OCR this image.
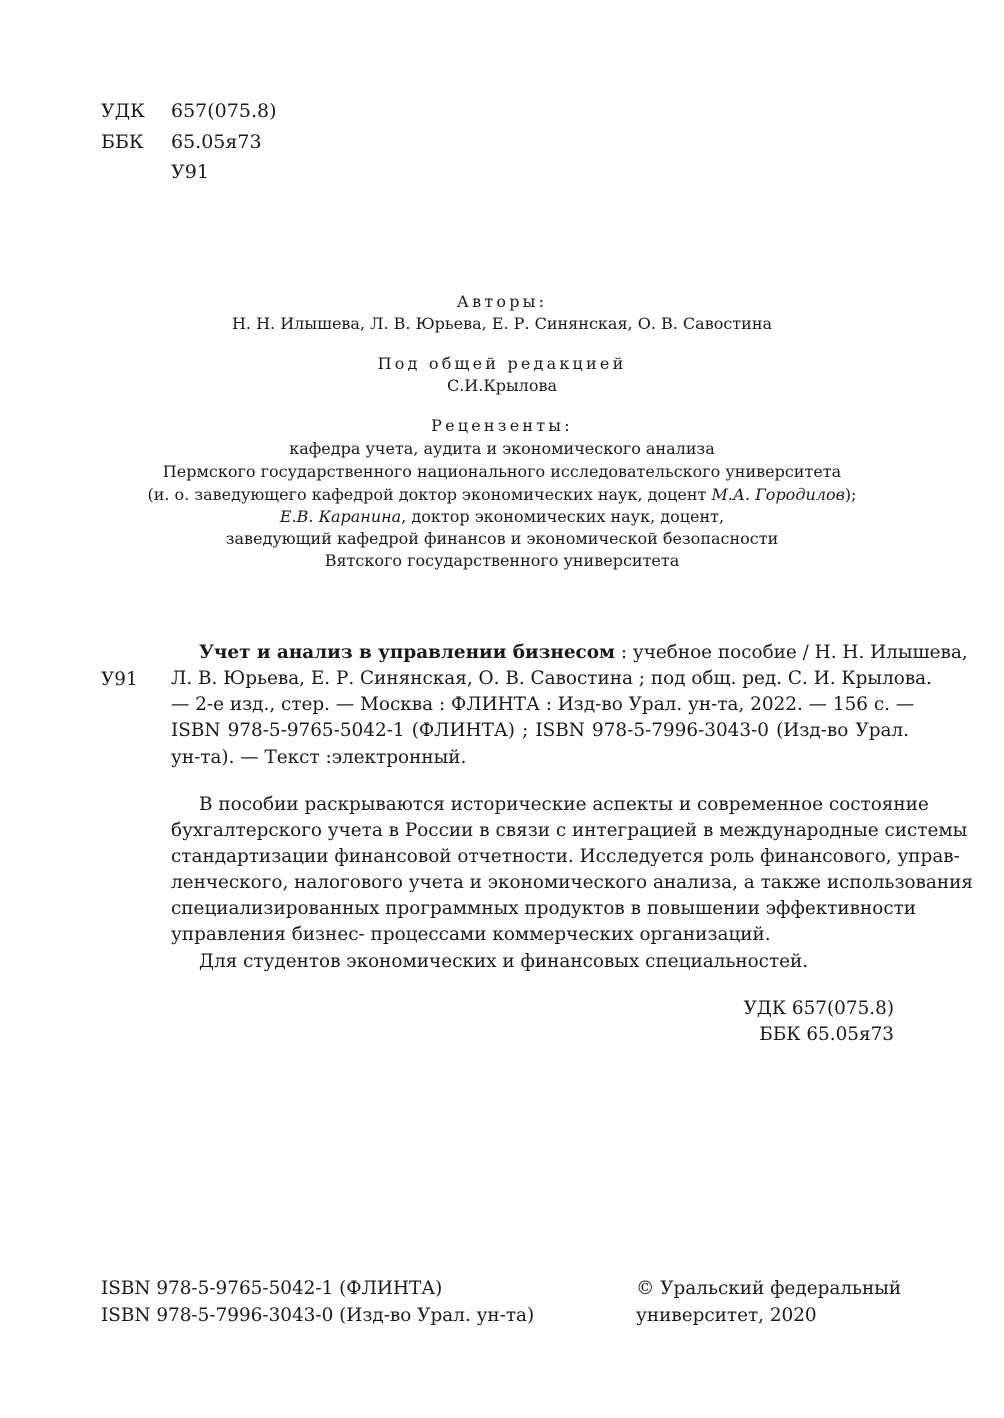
УДК 657(075.8)
ББК 65.05я73
У91
Авторы:
Н. Н. Илышева, Л. В. Юрьева, Е. Р. Синянская, О. В. Савостина
Под общей редакцией
С.И.Крылова
Рецензенты:
кафедра учета, аудита и экономического анализа
Пермского государственного национального исследовательского университета
(и. о. заведующего кафедрой доктор экономических наук, доцент М.А. Городилов);
Е.В. Каранина, доктор экономических наук, доцент,
заведующий кафедрой финансов и экономической безопасности
Вятского государственного университета
У91
Учет и анализ в управлении бизнесом : учебное пособие / Н. Н. Илышева,
Л. В. Юрьева, Е. Р. Синянская, О. В. Савостина ; под общ. ред. С. И. Крылова.
— 2-е изд., стер. — Москва : ФЛИНТА : Изд-во Урал. ун-та, 2022. — 156 с. —
ISBN 978-5-9765-5042-1 (ФЛИНТА) ; ISBN 978-5-7996-3043-0 (Изд-во Урал.
ун-та). — Текст :электронный.
В пособии раскрываются исторические аспекты и современное состояние
бухгалтерского учета в России в связи с интеграцией в международные системы
стандартизации финансовой отчетности. Исследуется роль финансового, управ-
ленческого, налогового учета и экономического анализа, а также использования
специализированных программных продуктов в повышении эффективности
управления бизнес- процессами коммерческих организаций.
Для студентов экономических и финансовых специальностей.
УДК 657(075.8)
ББК 65.05я73
ISBN 978-5-9765-5042-1 (ФЛИНТА)
ISBN 978-5-7996-3043-0 (Изд-во Урал. ун-та)
© Уральский федеральный
университет, 2020
